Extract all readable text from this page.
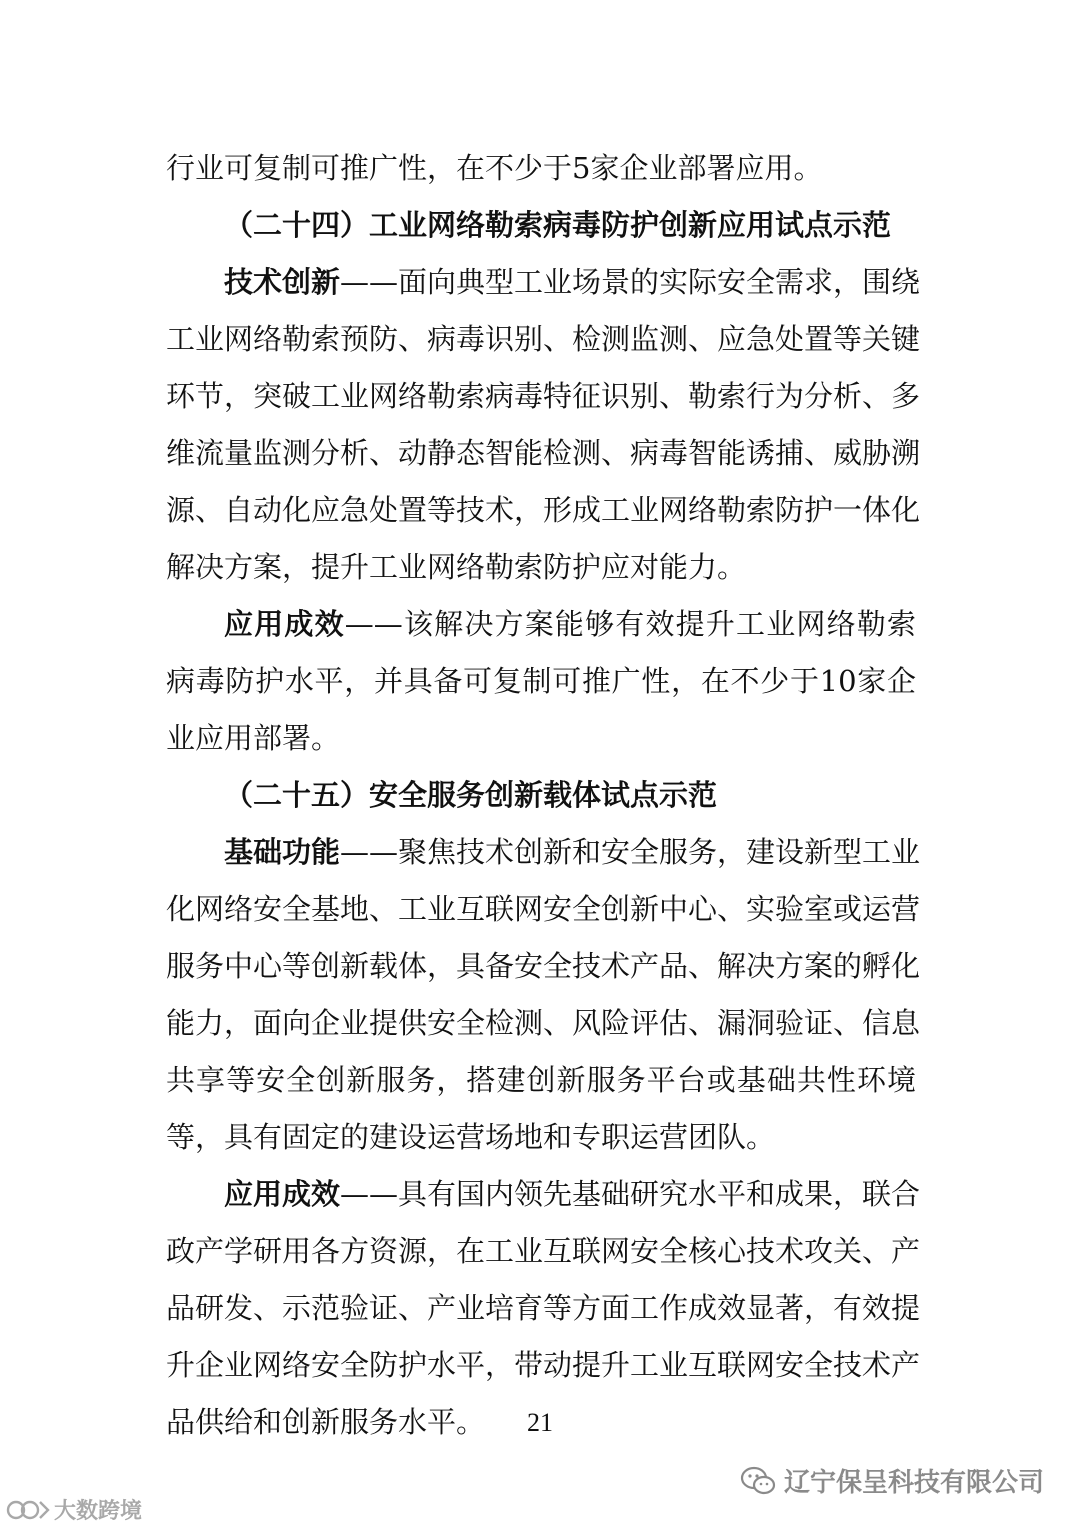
行业可复制可推广性，在不少于5家企业部署应用。
（二十四）工业网络勒索病毒防护创新应用试点示范
技术创新——面向典型工业场景的实际安全需求，围绕
工业网络勒索预防、病毒识别、检测监测、应急处置等关键
环节，突破工业网络勒索病毒特征识别、勒索行为分析、多
维流量监测分析、动静态智能检测、病毒智能诱捕、威胁溯
源、自动化应急处置等技术，形成工业网络勒索防护一体化
解决方案，提升工业网络勒索防护应对能力。
应用成效——该解决方案能够有效提升工业网络勒索
病毒防护水平，并具备可复制可推广性，在不少于10家企
业应用部署。
（二十五）安全服务创新载体试点示范
基础功能——聚焦技术创新和安全服务，建设新型工业
化网络安全基地、工业互联网安全创新中心、实验室或运营
服务中心等创新载体，具备安全技术产品、解决方案的孵化
能力，面向企业提供安全检测、风险评估、漏洞验证、信息
共享等安全创新服务，搭建创新服务平台或基础共性环境
等，具有固定的建设运营场地和专职运营团队。
应用成效——具有国内领先基础研究水平和成果，联合
政产学研用各方资源，在工业互联网安全核心技术攻关、产
品研发、示范验证、产业培育等方面工作成效显著，有效提
升企业网络安全防护水平，带动提升工业互联网安全技术产
品供给和创新服务水平。	21
辽宁保呈科技有限公司
大数跨境
